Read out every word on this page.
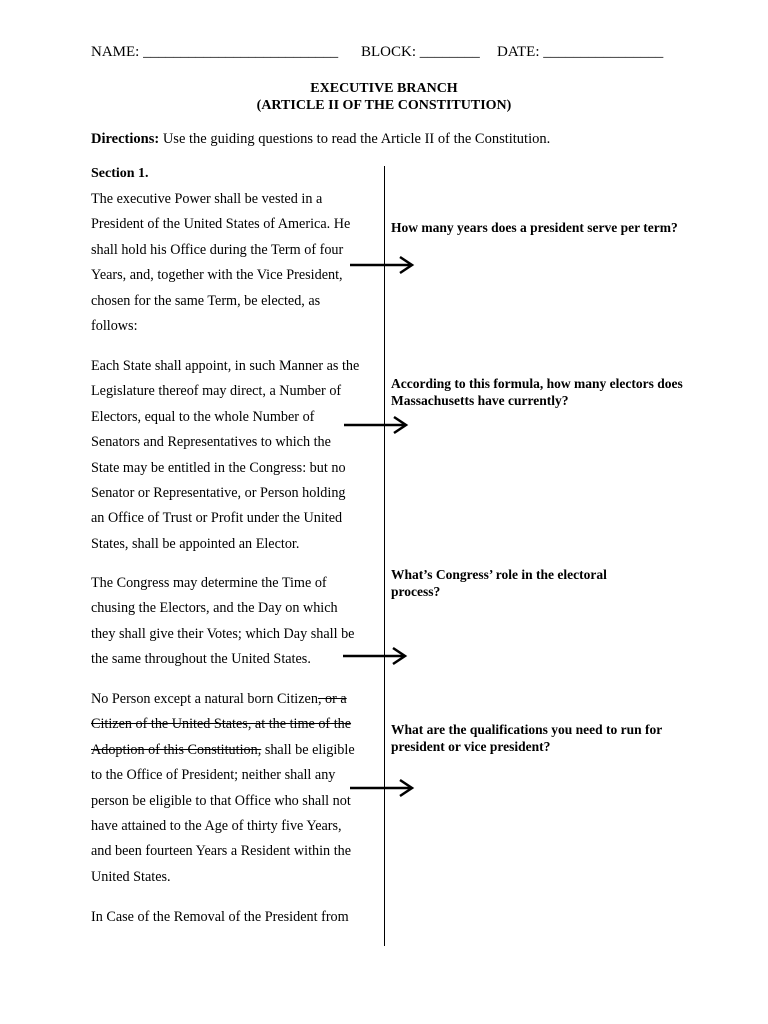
NAME: __________________________ BLOCK: ________ DATE: ________________
EXECUTIVE BRANCH
(ARTICLE II OF THE CONSTITUTION)
Directions: Use the guiding questions to read the Article II of the Constitution.
Section 1.
The executive Power shall be vested in a
President of the United States of America. He
shall hold his Office during the Term of four
Years, and, together with the Vice President,
chosen for the same Term, be elected, as
follows:
Each State shall appoint, in such Manner as the
Legislature thereof may direct, a Number of
Electors, equal to the whole Number of
Senators and Representatives to which the
State may be entitled in the Congress: but no
Senator or Representative, or Person holding
an Office of Trust or Profit under the United
States, shall be appointed an Elector.
The Congress may determine the Time of
chusing the Electors, and the Day on which
they shall give their Votes; which Day shall be
the same throughout the United States.
No Person except a natural born Citizen, or a
Citizen of the United States, at the time of the
Adoption of this Constitution, shall be eligible
to the Office of President; neither shall any
person be eligible to that Office who shall not
have attained to the Age of thirty five Years,
and been fourteen Years a Resident within the
United States.
In Case of the Removal of the President from
How many years does a president serve per term?
According to this formula, how many electors does Massachusetts have currently?
What’s Congress’ role in the electoral process?
What are the qualifications you need to run for president or vice president?
